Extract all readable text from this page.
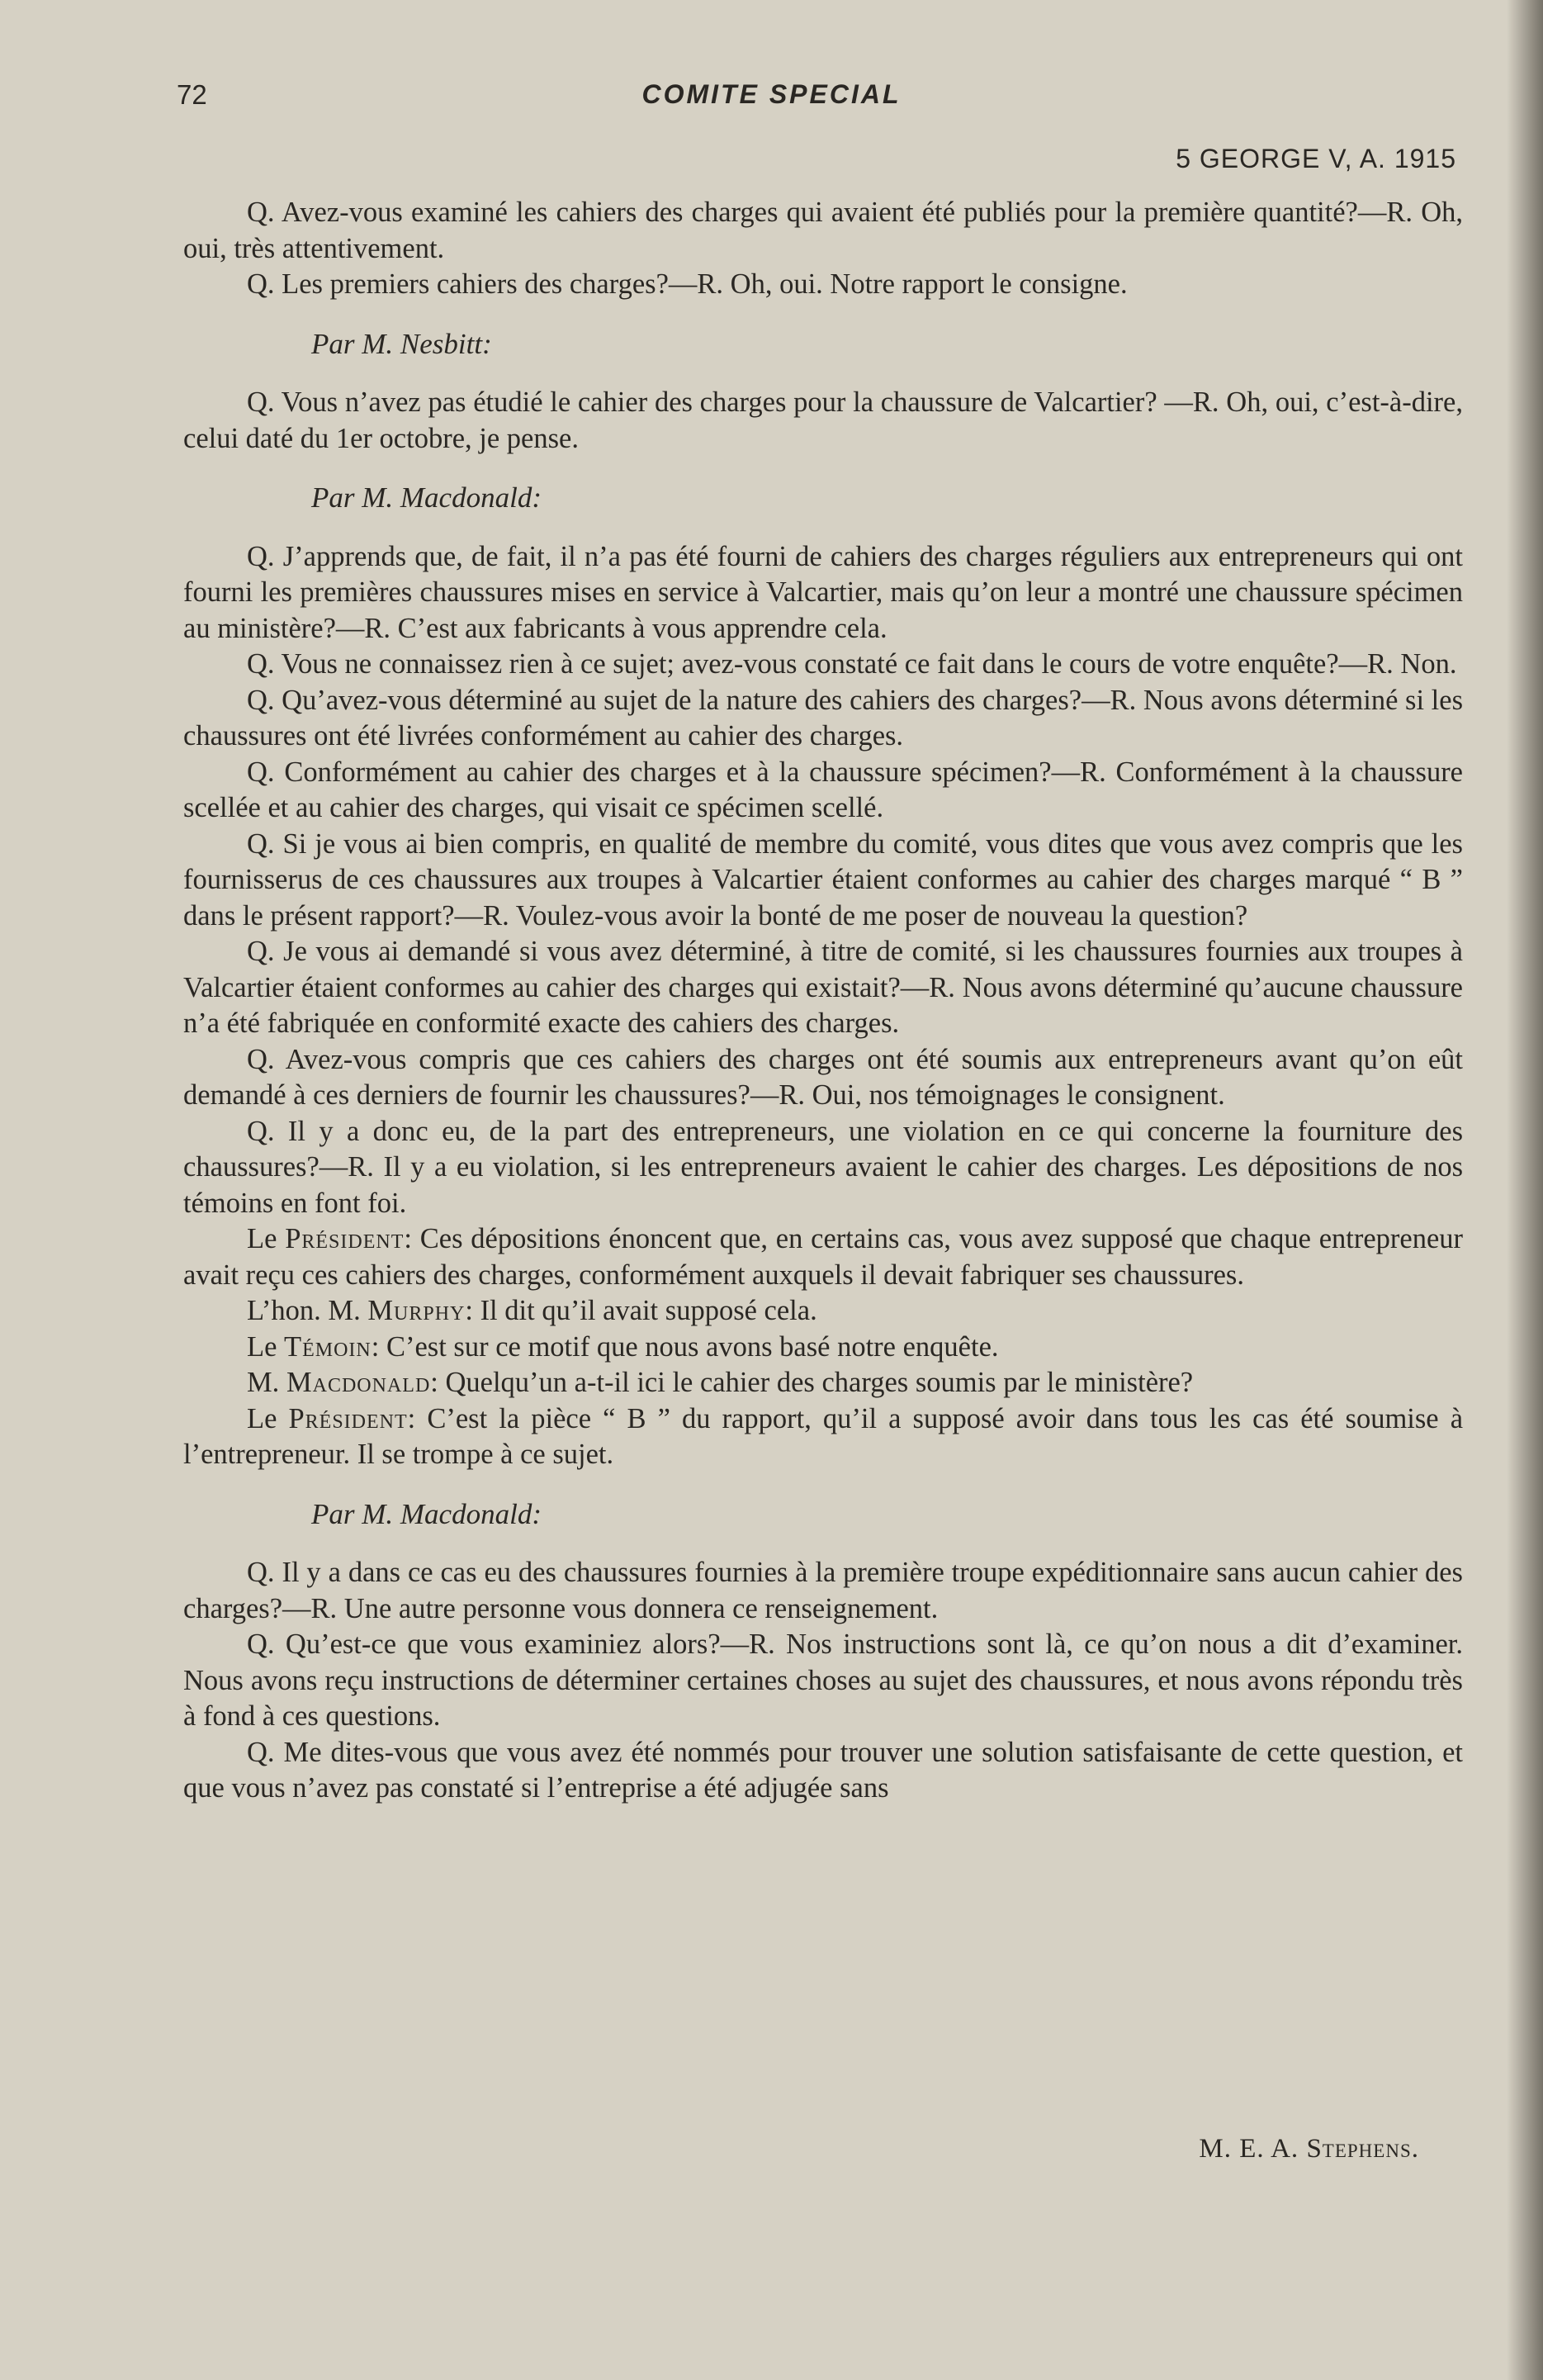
72	COMITE SPECIAL
5 GEORGE V, A. 1915

Q. Avez-vous examiné les cahiers des charges qui avaient été publiés pour la première quantité?—R. Oh, oui, très attentivement.

Q. Les premiers cahiers des charges?—R. Oh, oui. Notre rapport le consigne.

Par M. Nesbitt:

Q. Vous n’avez pas étudié le cahier des charges pour la chaussure de Valcartier? —R. Oh, oui, c’est-à-dire, celui daté du 1er octobre, je pense.

Par M. Macdonald:

Q. J’apprends que, de fait, il n’a pas été fourni de cahiers des charges réguliers aux entrepreneurs qui ont fourni les premières chaussures mises en service à Valcartier, mais qu’on leur a montré une chaussure spécimen au ministère?—R. C’est aux fabricants à vous apprendre cela.

Q. Vous ne connaissez rien à ce sujet; avez-vous constaté ce fait dans le cours de votre enquête?—R. Non.

Q. Qu’avez-vous déterminé au sujet de la nature des cahiers des charges?—R. Nous avons déterminé si les chaussures ont été livrées conformément au cahier des charges.

Q. Conformément au cahier des charges et à la chaussure spécimen?—R. Conformément à la chaussure scellée et au cahier des charges, qui visait ce spécimen scellé.

Q. Si je vous ai bien compris, en qualité de membre du comité, vous dites que vous avez compris que les fournisserus de ces chaussures aux troupes à Valcartier étaient conformes au cahier des charges marqué “ B ” dans le présent rapport?—R. Voulez-vous avoir la bonté de me poser de nouveau la question?

Q. Je vous ai demandé si vous avez déterminé, à titre de comité, si les chaussures fournies aux troupes à Valcartier étaient conformes au cahier des charges qui existait?—R. Nous avons déterminé qu’aucune chaussure n’a été fabriquée en conformité exacte des cahiers des charges.

Q. Avez-vous compris que ces cahiers des charges ont été soumis aux entrepreneurs avant qu’on eût demandé à ces derniers de fournir les chaussures?—R. Oui, nos témoignages le consignent.

Q. Il y a donc eu, de la part des entrepreneurs, une violation en ce qui concerne la fourniture des chaussures?—R. Il y a eu violation, si les entrepreneurs avaient le cahier des charges. Les dépositions de nos témoins en font foi.

Le Président: Ces dépositions énoncent que, en certains cas, vous avez supposé que chaque entrepreneur avait reçu ces cahiers des charges, conformément auxquels il devait fabriquer ses chaussures.

L’hon. M. Murphy: Il dit qu’il avait supposé cela.

Le Témoin: C’est sur ce motif que nous avons basé notre enquête.

M. Macdonald: Quelqu’un a-t-il ici le cahier des charges soumis par le ministère?

Le Président: C’est la pièce “ B ” du rapport, qu’il a supposé avoir dans tous les cas été soumise à l’entrepreneur. Il se trompe à ce sujet.

Par M. Macdonald:

Q. Il y a dans ce cas eu des chaussures fournies à la première troupe expéditionnaire sans aucun cahier des charges?—R. Une autre personne vous donnera ce renseignement.

Q. Qu’est-ce que vous examiniez alors?—R. Nos instructions sont là, ce qu’on nous a dit d’examiner. Nous avons reçu instructions de déterminer certaines choses au sujet des chaussures, et nous avons répondu très à fond à ces questions.

Q. Me dites-vous que vous avez été nommés pour trouver une solution satisfaisante de cette question, et que vous n’avez pas constaté si l’entreprise a été adjugée sans

M. E. A. Stephens.
